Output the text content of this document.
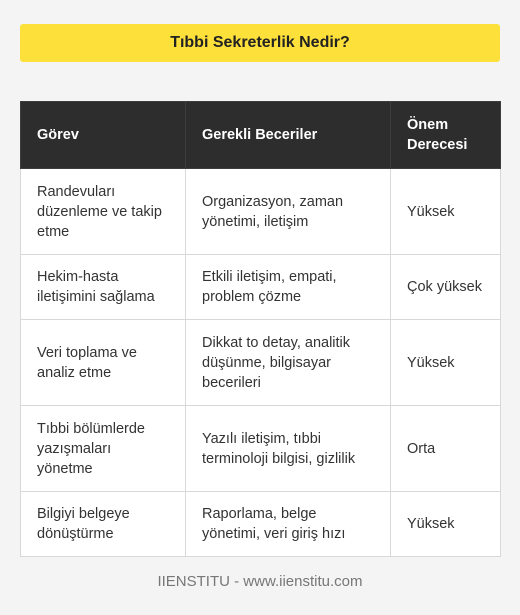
Tıbbi Sekreterlik Nedir?
Görev	Gerekli Beceriler	Önem Derecesi
Randevuları düzenleme ve takip etme	Organizasyon, zaman yönetimi, iletişim	Yüksek
Hekim-hasta iletişimini sağlama	Etkili iletişim, empati, problem çözme	Çok yüksek
Veri toplama ve analiz etme	Dikkat to detay, analitik düşünme, bilgisayar becerileri	Yüksek
Tıbbi bölümlerde yazışmaları yönetme	Yazılı iletişim, tıbbi terminoloji bilgisi, gizlilik	Orta
Bilgiyi belgeye dönüştürme	Raporlama, belge yönetimi, veri giriş hızı	Yüksek
IIENSTITU - www.iienstitu.com
